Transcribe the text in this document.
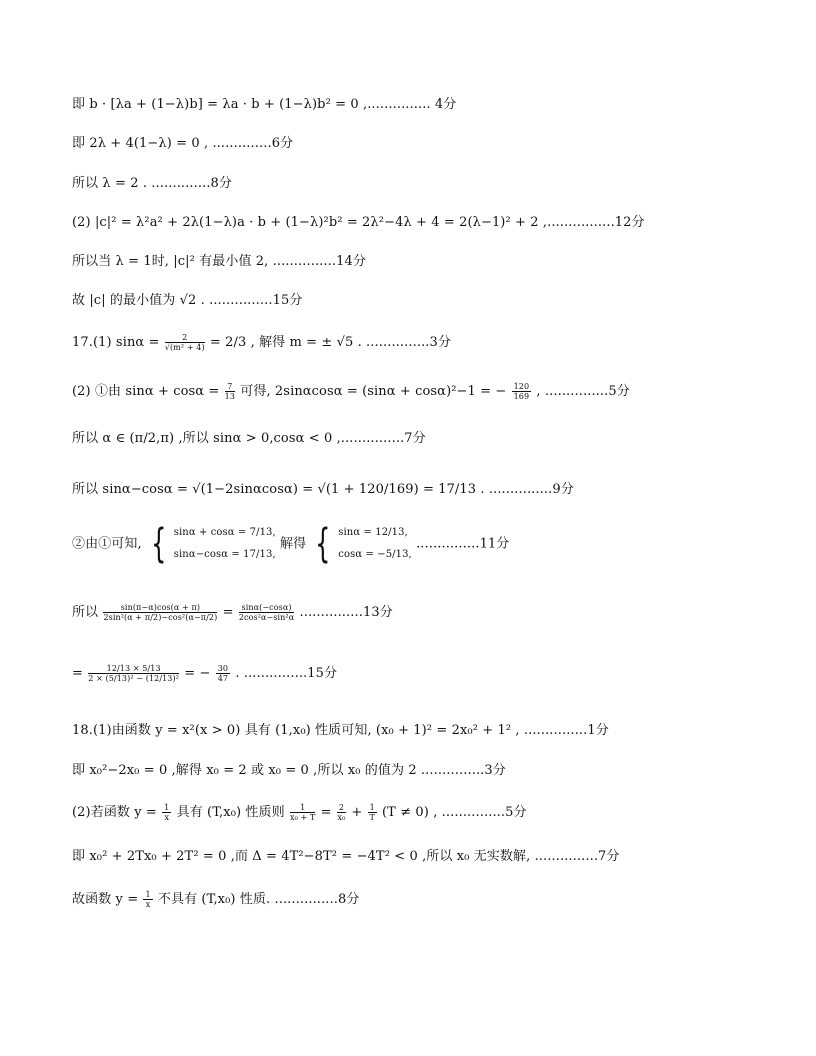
即 b · [λa + (1−λ)b] = λa · b + (1−λ)b² = 0 ,............... 4分
即 2λ + 4(1−λ) = 0 , ..............6分
所以 λ = 2 . ..............8分
(2) |c|² = λ²a² + 2λ(1−λ)a · b + (1−λ)²b² = 2λ²−4λ + 4 = 2(λ−1)² + 2 ,................12分
所以当 λ = 1时, |c|² 有最小值 2, ...............14分
故 |c| 的最小值为 √2 . ...............15分
17.(1) $\sin\alpha = \frac{2}{\text{√(m² + 4)}} = 2/3$ , 解得 m = ± √5 . ...............3分
(2) ①由 $\sin\alpha + \cos\alpha = \frac{7}{13}$ 可得, 2sinαcosα = (sinα + cosα)²−1 = − $\frac{120}{169}$ , ...............5分
所以 α ∈ (π/2,π) ,所以 sinα > 0,cosα < 0 ,...............7分
所以 sinα−cosα = √(1−2sinαcosα) = √(1 + 120/169) = 17/13 . ...............9分
②由①可知, { sinα + cosα = 7/13,
sinα−cosα = 17/13,
解得 { sinα = 12/13,
cosα = −5/13,
...............11分
所以 $\frac{\sin(\pi-\alpha)\cos(\alpha + \pi)}{\text{2sin²(α + π/2)−cos²(α−π/2)}} = \frac{\sin\alpha(-\cos\alpha)}{\text{2cos²α−sin²α}} ...............13$分
= $\frac{12/13 \times 5/13}{\text{2 × (5/13)² − (12/13)²}}$ = − $\frac{30}{47}$ . ...............15分
18.(1)由函数 y = x²(x > 0) 具有 (1,x₀) 性质可知, (x₀ + 1)² = 2x₀² + 1² , ...............1分
即 x₀²−2x₀ = 0 ,解得 x₀ = 2 或 x₀ = 0 ,所以 x₀ 的值为 2 ...............3分
(2)若函数 $y = \frac{1}{x}$ 具有 (T,x₀) 性质则 $\frac{1}{\text{x₀ + T}} = \frac{2}{\text{x₀}} + \frac{1}{T} (T \ne 0)$ , ...............5分
即 x₀² + 2Tx₀ + 2T² = 0 ,而 Δ = 4T²−8T² = −4T² < 0 ,所以 x₀ 无实数解, ...............7分
故函数 $y = \frac{1}{x}$ 不具有 (T,x₀) 性质. ...............8分
